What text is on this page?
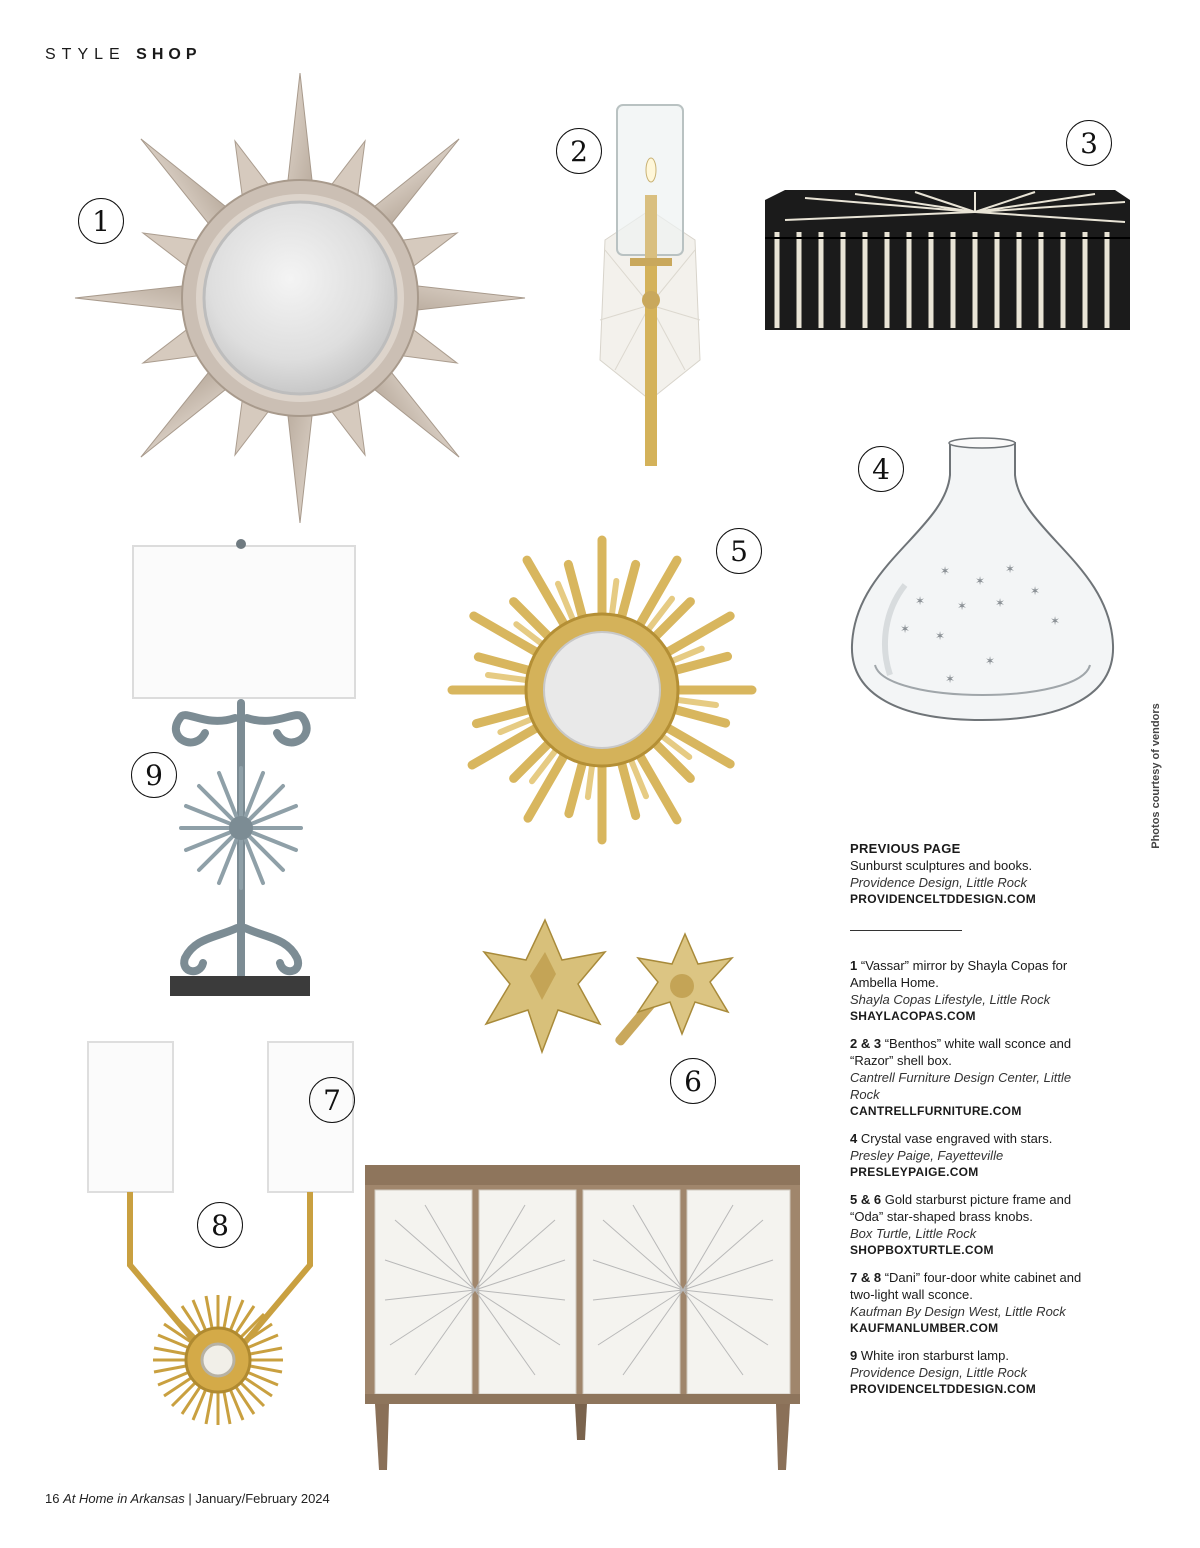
STYLE SHOP
1
2	3
✶
✶
✶
✶	✶ ✶
✶
✶ ✶
✶
✶
✶
4
5
6
9
8
7
Photos courtesy of vendors
PREVIOUS PAGE
Sunburst sculptures and books.
Providence Design, Little Rock
PROVIDENCELTDDESIGN.COM
1 “Vassar” mirror by Shayla Copas for Ambella Home.
Shayla Copas Lifestyle, Little Rock
SHAYLACOPAS.COM
2 & 3 “Benthos” white wall sconce and “Razor” shell box.
Cantrell Furniture Design Center, Little Rock
CANTRELLFURNITURE.COM
4 Crystal vase engraved with stars.
Presley Paige, Fayetteville
PRESLEYPAIGE.COM
5 & 6 Gold starburst picture frame and “Oda” star-shaped brass knobs.
Box Turtle, Little Rock
SHOPBOXTURTLE.COM
7 & 8 “Dani” four-door white cabinet and two-light wall sconce.
Kaufman By Design West, Little Rock
KAUFMANLUMBER.COM
9 White iron starburst lamp.
Providence Design, Little Rock
PROVIDENCELTDDESIGN.COM
16 At Home in Arkansas | January/February 2024
